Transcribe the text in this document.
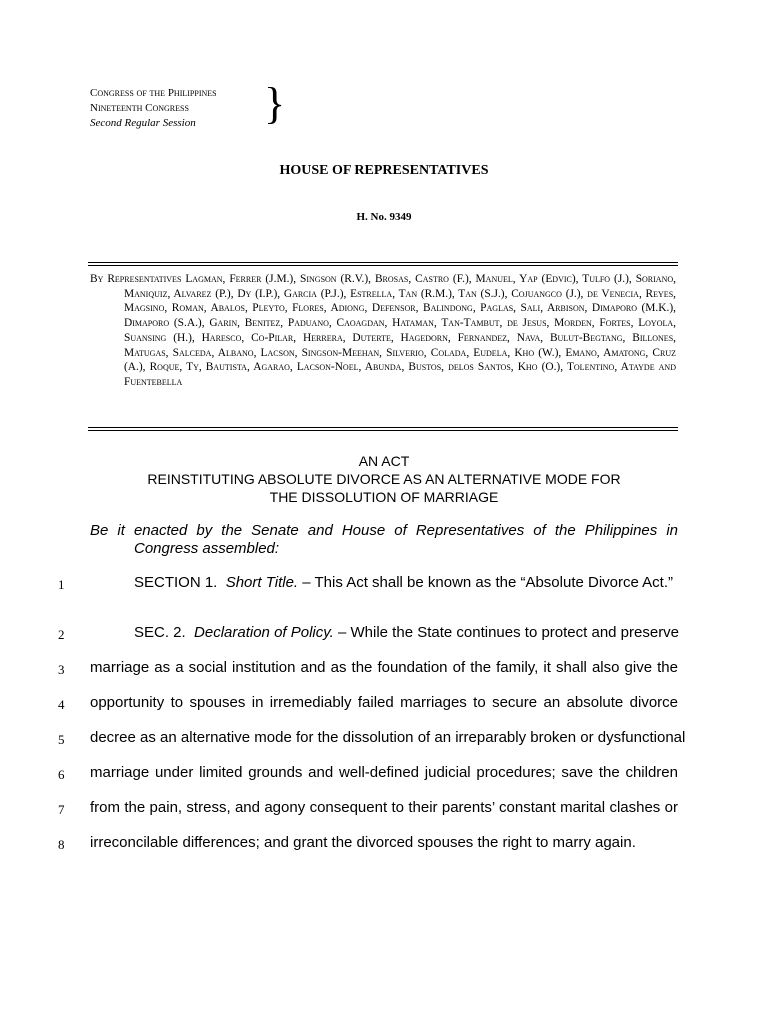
Congress of the Philippines
Nineteenth Congress
Second Regular Session	}
HOUSE OF REPRESENTATIVES
H. No. 9349
By Representatives Lagman, Ferrer (J.M.), Singson (R.V.), Brosas, Castro (F.), Manuel, Yap (Edvic), Tulfo (J.), Soriano, Maniquiz, Alvarez (P.), Dy (I.P.), Garcia (P.J.), Estrella, Tan (R.M.), Tan (S.J.), Cojuangco (J.), de Venecia, Reyes, Magsino, Roman, Abalos, Pleyto, Flores, Adiong, Defensor, Balindong, Paglas, Sali, Arbison, Dimaporo (M.K.), Dimaporo (S.A.), Garin, Benitez, Paduano, Caoagdan, Hataman, Tan-Tambut, de Jesus, Morden, Fortes, Loyola, Suansing (H.), Haresco, Co-Pilar, Herrera, Duterte, Hagedorn, Fernandez, Nava, Bulut-Begtang, Billones, Matugas, Salceda, Albano, Lacson, Singson-Meehan, Silverio, Colada, Eudela, Kho (W.), Emano, Amatong, Cruz (A.), Roque, Ty, Bautista, Agarao, Lacson-Noel, Abunda, Bustos, delos Santos, Kho (O.), Tolentino, Atayde and Fuentebella
AN ACT
REINSTITUTING ABSOLUTE DIVORCE AS AN ALTERNATIVE MODE FOR
THE DISSOLUTION OF MARRIAGE
Be it enacted by the Senate and House of Representatives of the Philippines in Congress assembled:
1	SECTION 1. Short Title. – This Act shall be known as the “Absolute Divorce Act.”
2	SEC. 2. Declaration of Policy. – While the State continues to protect and preserve
3 marriage as a social institution and as the foundation of the family, it shall also give the
4 opportunity to spouses in irremediably failed marriages to secure an absolute divorce
5 decree as an alternative mode for the dissolution of an irreparably broken or dysfunctional
6 marriage under limited grounds and well-defined judicial procedures; save the children
7 from the pain, stress, and agony consequent to their parents’ constant marital clashes or
8 irreconcilable differences; and grant the divorced spouses the right to marry again.
